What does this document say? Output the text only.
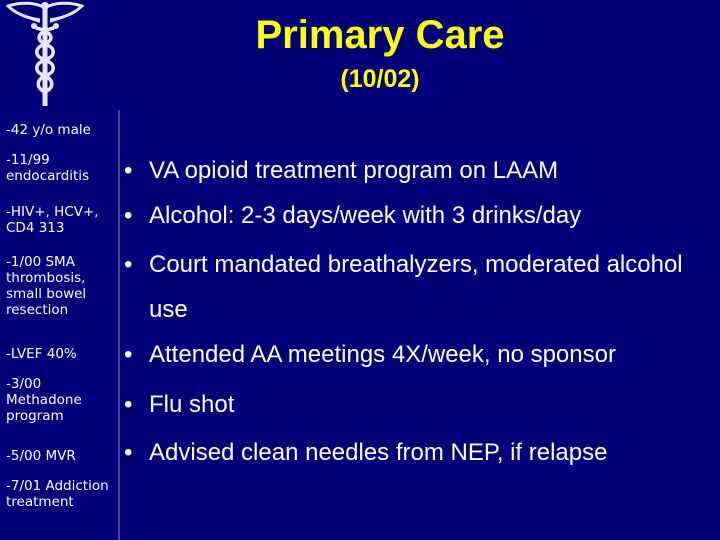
Primary Care
(10/02)
-42 y/o male
-11/99 endocarditis
-HIV+, HCV+, CD4 313
-1/00 SMA thrombosis, small bowel resection
-LVEF 40%
-3/00 Methadone program
-5/00 MVR
-7/01 Addiction treatment
• VA opioid treatment program on LAAM
• Alcohol: 2-3 days/week with 3 drinks/day
• Court mandated breathalyzers, moderated alcohol use
• Attended AA meetings 4X/week, no sponsor
• Flu shot
• Advised clean needles from NEP, if relapse
